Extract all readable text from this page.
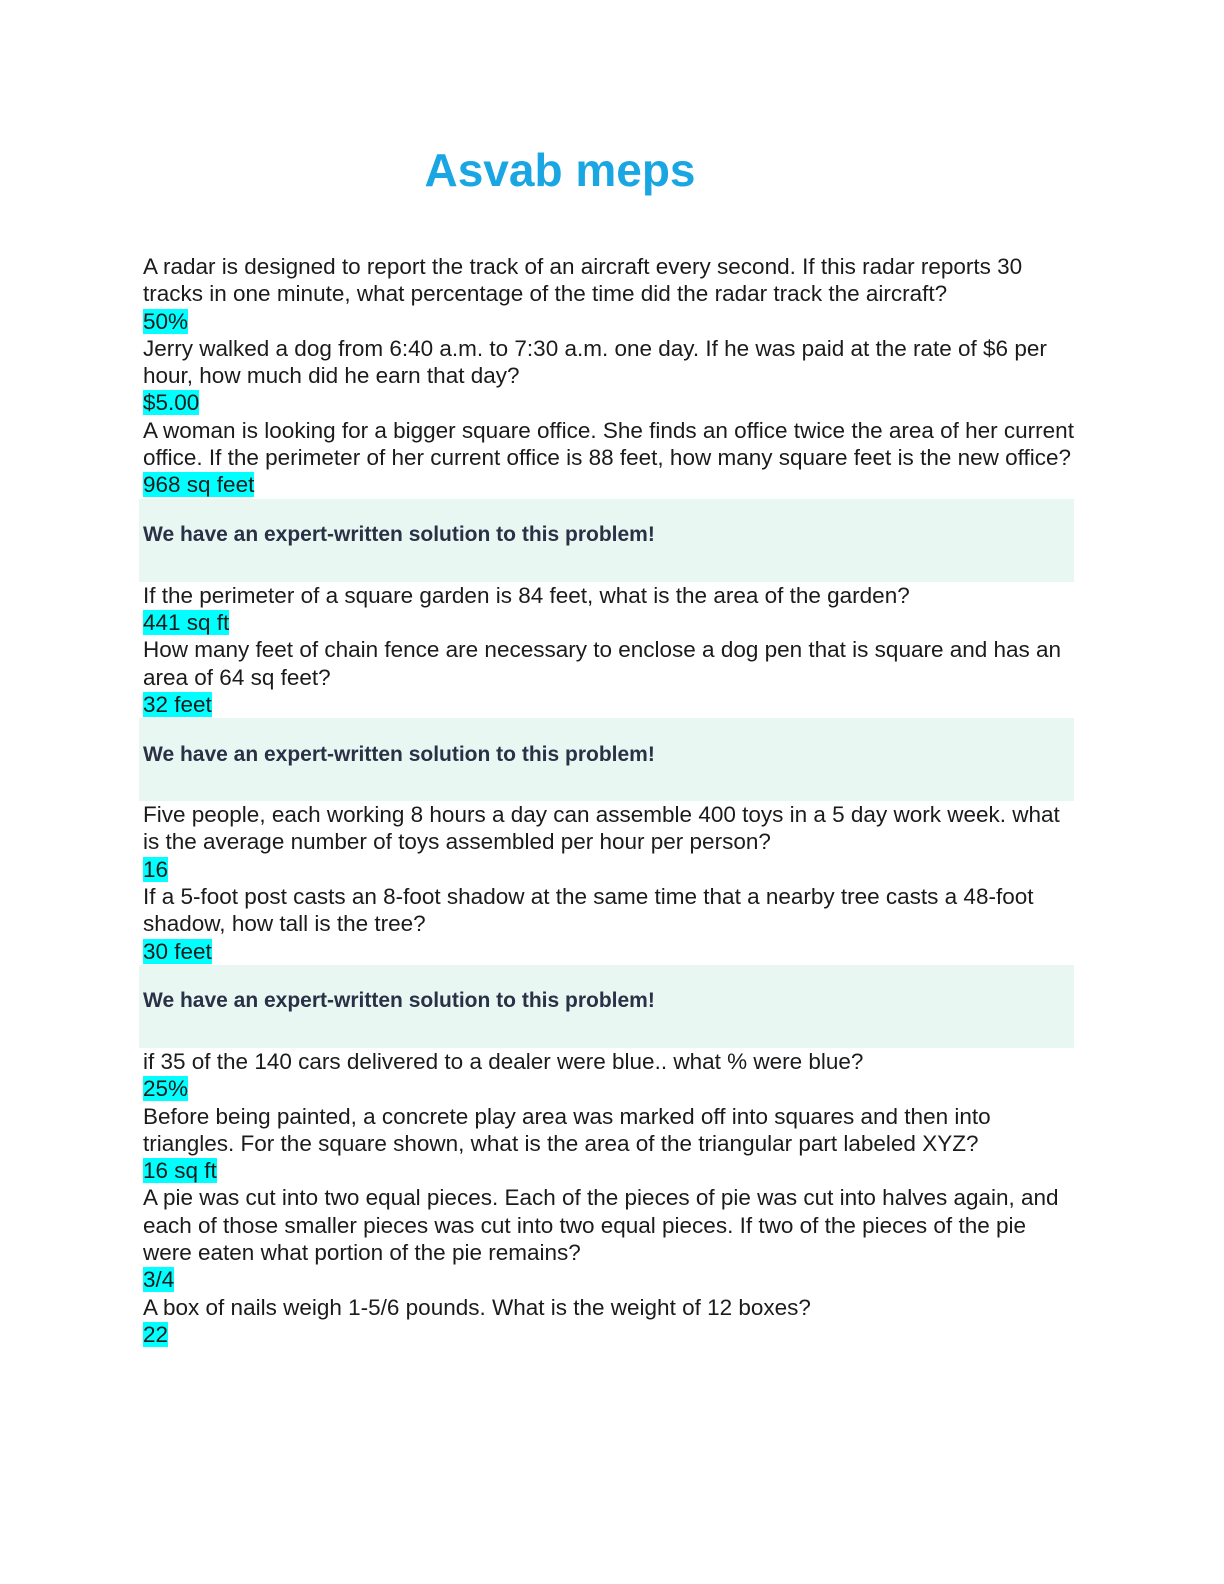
Asvab meps

A radar is designed to report the track of an aircraft every second. If this radar reports 30 tracks in one minute, what percentage of the time did the radar track the aircraft?

50%

Jerry walked a dog from 6:40 a.m. to 7:30 a.m. one day. If he was paid at the rate of $6 per hour, how much did he earn that day?

$5.00

A woman is looking for a bigger square office. She finds an office twice the area of her current office. If the perimeter of her current office is 88 feet, how many square feet is the new office?

968 sq feet

We have an expert-written solution to this problem!

If the perimeter of a square garden is 84 feet, what is the area of the garden?

441 sq ft

How many feet of chain fence are necessary to enclose a dog pen that is square and has an area of 64 sq feet?

32 feet

We have an expert-written solution to this problem!

Five people, each working 8 hours a day can assemble 400 toys in a 5 day work week. what is the average number of toys assembled per hour per person?

16

If a 5-foot post casts an 8-foot shadow at the same time that a nearby tree casts a 48-foot shadow, how tall is the tree?

30 feet

We have an expert-written solution to this problem!

if 35 of the 140 cars delivered to a dealer were blue.. what % were blue?

25%

Before being painted, a concrete play area was marked off into squares and then into triangles. For the square shown, what is the area of the triangular part labeled XYZ?

16 sq ft

A pie was cut into two equal pieces. Each of the pieces of pie was cut into halves again, and each of those smaller pieces was cut into two equal pieces. If two of the pieces of the pie were eaten what portion of the pie remains?

3/4

A box of nails weigh 1-5/6 pounds. What is the weight of 12 boxes?

22
